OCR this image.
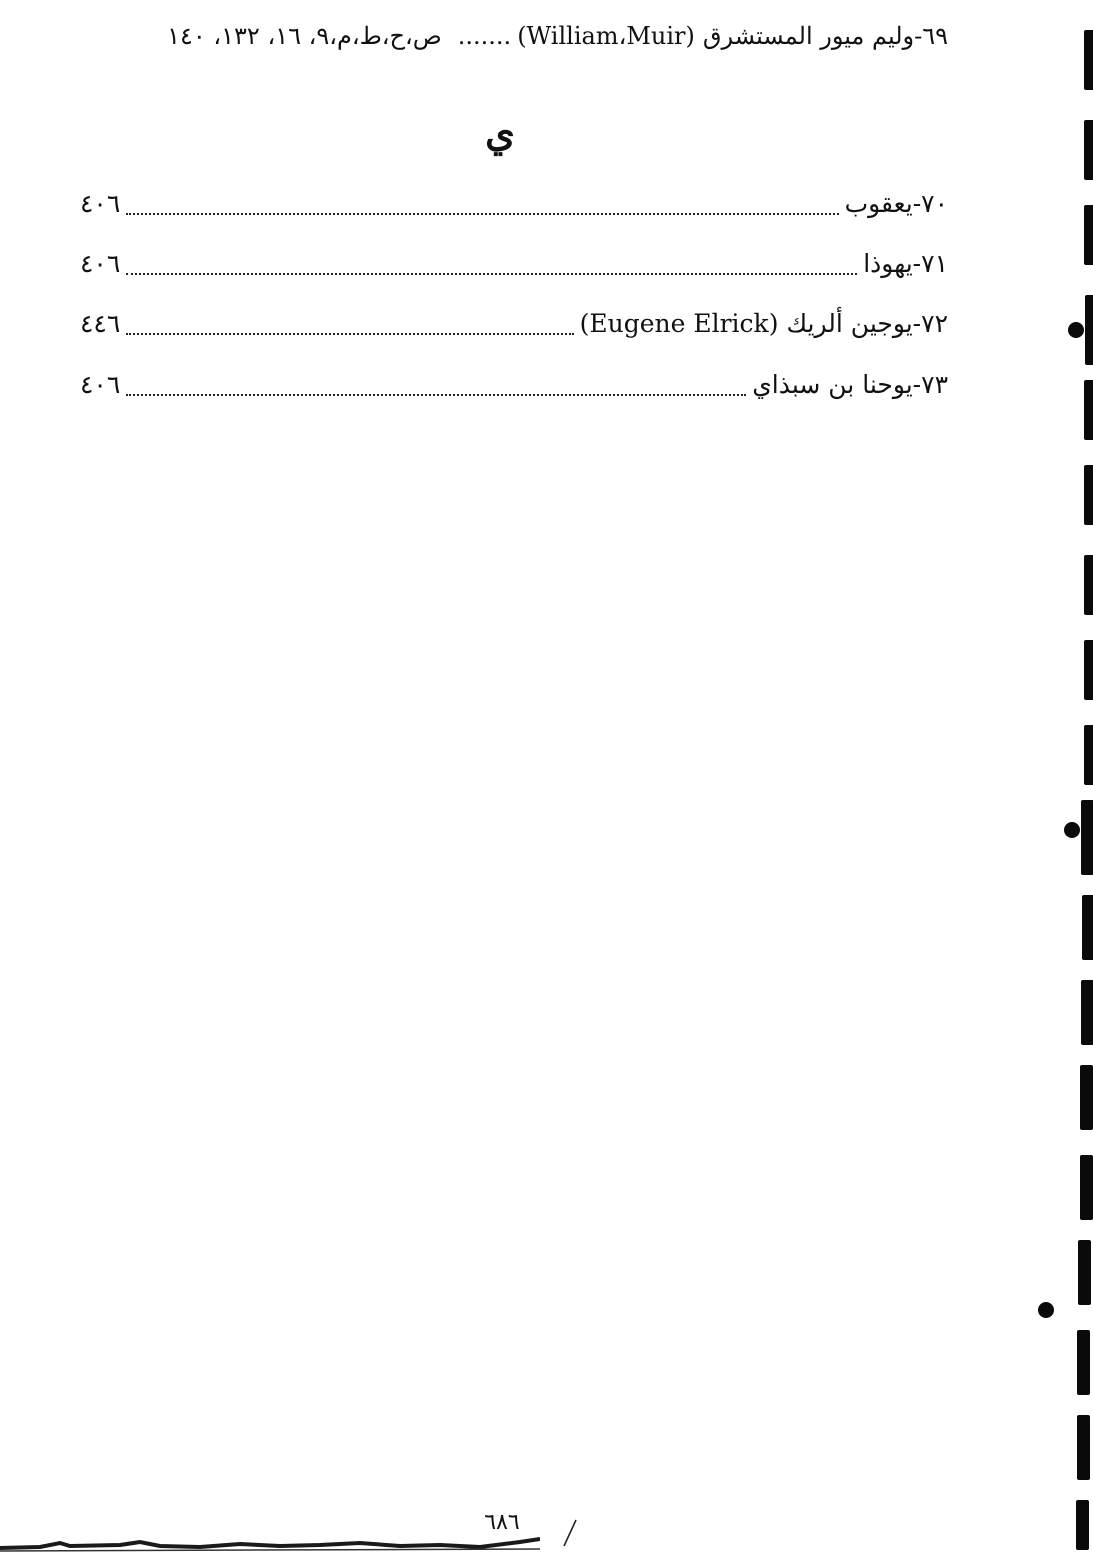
٦٩-وليم ميور المستشرق
(William،Muir)
.......
ص،ح،ط،م،٩، ١٦، ١٣٢، ١٤٠
ي
٧٠-يعقوب
٤٠٦
٧١-يهوذا
٤٠٦
٧٢-يوجين ألريك
(Eugene Elrick)
٤٤٦
٧٣-يوحنا بن سبذاي
٤٠٦
٦٨٦
